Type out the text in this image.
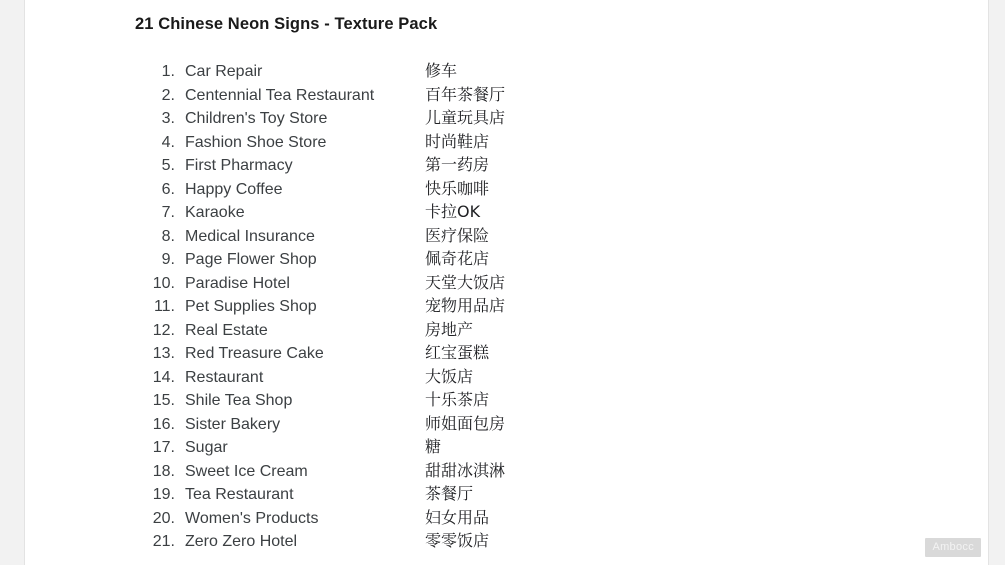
21 Chinese Neon Signs - Texture Pack
1. Car Repair	修车
2. Centennial Tea Restaurant	百年茶餐厅
3. Children's Toy Store	儿童玩具店
4. Fashion Shoe Store	时尚鞋店
5. First Pharmacy	第一药房
6. Happy Coffee	快乐咖啡
7. Karaoke	卡拉OK
8. Medical Insurance	医疗保险
9. Page Flower Shop	佩奇花店
10. Paradise Hotel	天堂大饭店
11. Pet Supplies Shop	宠物用品店
12. Real Estate	房地产
13. Red Treasure Cake	红宝蛋糕
14. Restaurant	大饭店
15. Shile Tea Shop	十乐茶店
16. Sister Bakery	师姐面包房
17. Sugar	糖
18. Sweet Ice Cream	甜甜冰淇淋
19. Tea Restaurant	茶餐厅
20. Women's Products	妇女用品
21. Zero Zero Hotel	零零饭店	Ambocc
